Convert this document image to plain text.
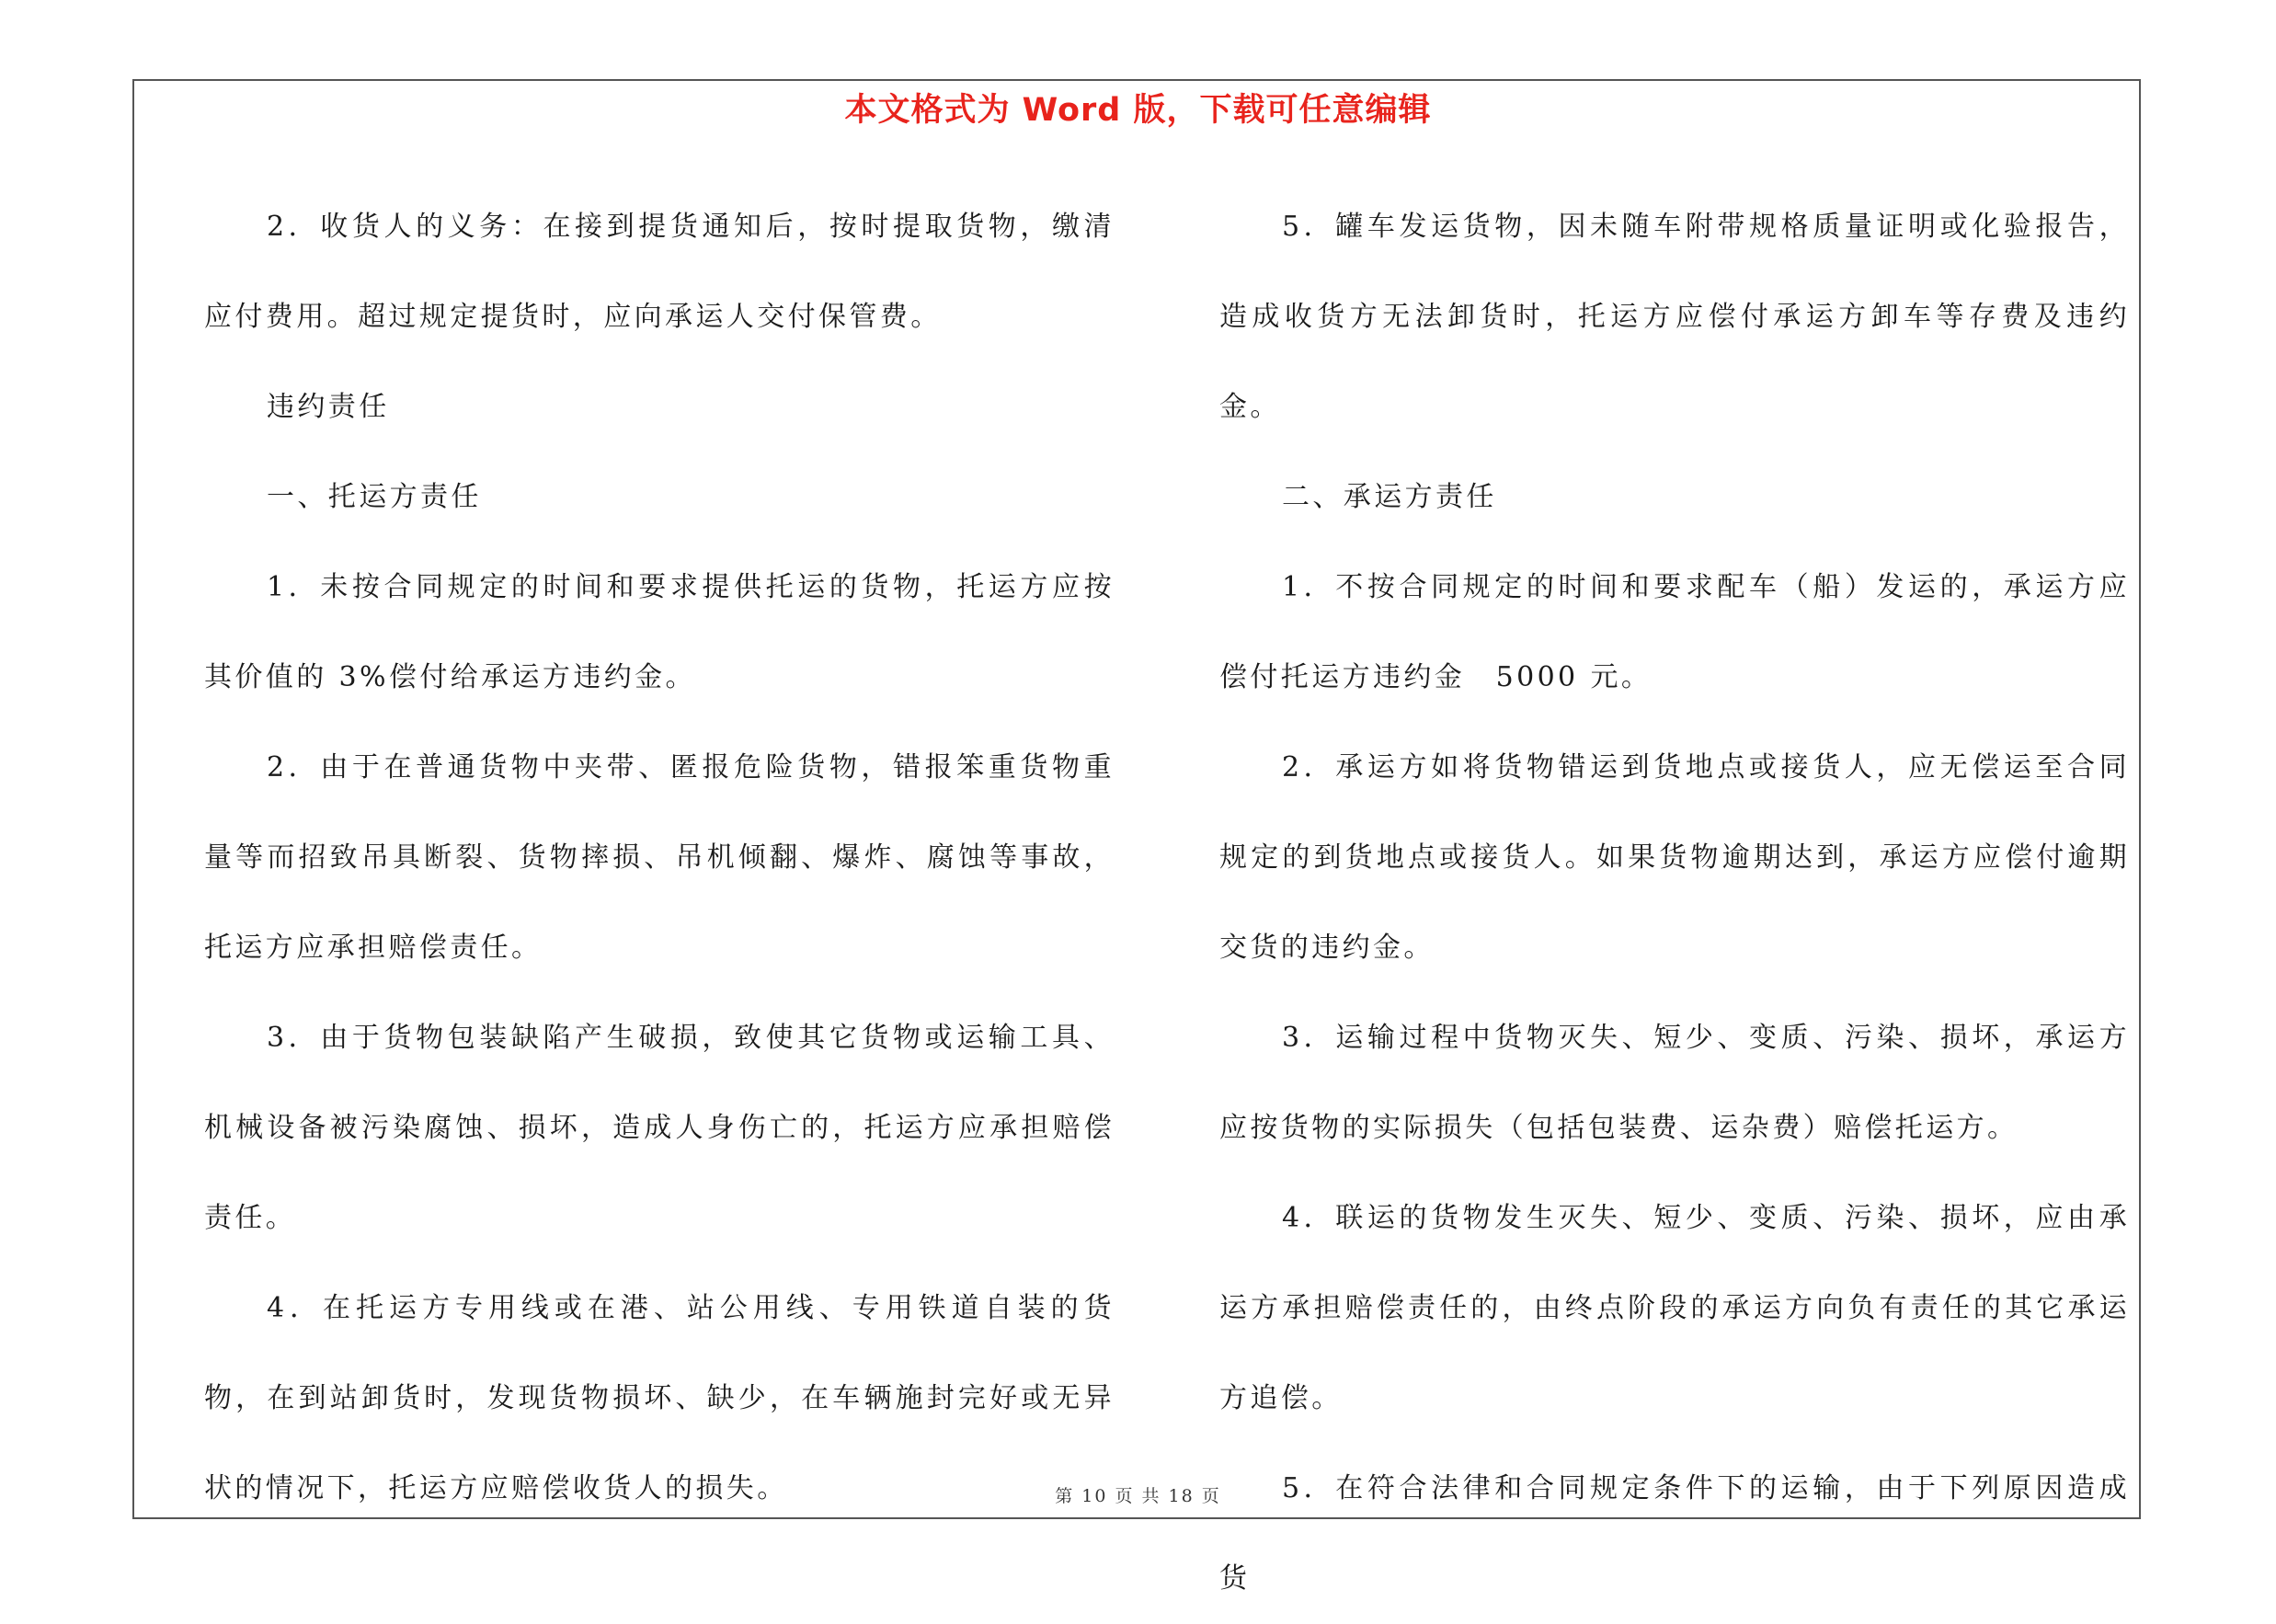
本文格式为 Word 版，下载可任意编辑

2．收货人的义务：在接到提货通知后，按时提取货物，缴清应付费用。超过规定提货时，应向承运人交付保管费。

违约责任

一、托运方责任

1．未按合同规定的时间和要求提供托运的货物，托运方应按其价值的 3%偿付给承运方违约金。

2．由于在普通货物中夹带、匿报危险货物，错报笨重货物重量等而招致吊具断裂、货物摔损、吊机倾翻、爆炸、腐蚀等事故，托运方应承担赔偿责任。

3．由于货物包装缺陷产生破损，致使其它货物或运输工具、机械设备被污染腐蚀、损坏，造成人身伤亡的，托运方应承担赔偿责任。

4．在托运方专用线或在港、站公用线、专用铁道自装的货物，在到站卸货时，发现货物损坏、缺少，在车辆施封完好或无异状的情况下，托运方应赔偿收货人的损失。

5．罐车发运货物，因未随车附带规格质量证明或化验报告，造成收货方无法卸货时，托运方应偿付承运方卸车等存费及违约金。

二、承运方责任

1．不按合同规定的时间和要求配车（船）发运的，承运方应偿付托运方违约金　5000 元。

2．承运方如将货物错运到货地点或接货人，应无偿运至合同规定的到货地点或接货人。如果货物逾期达到，承运方应偿付逾期交货的违约金。

3．运输过程中货物灭失、短少、变质、污染、损坏，承运方应按货物的实际损失（包括包装费、运杂费）赔偿托运方。

4．联运的货物发生灭失、短少、变质、污染、损坏，应由承运方承担赔偿责任的，由终点阶段的承运方向负有责任的其它承运方追偿。

5．在符合法律和合同规定条件下的运输，由于下列原因造成货

第 10 页 共 18 页
